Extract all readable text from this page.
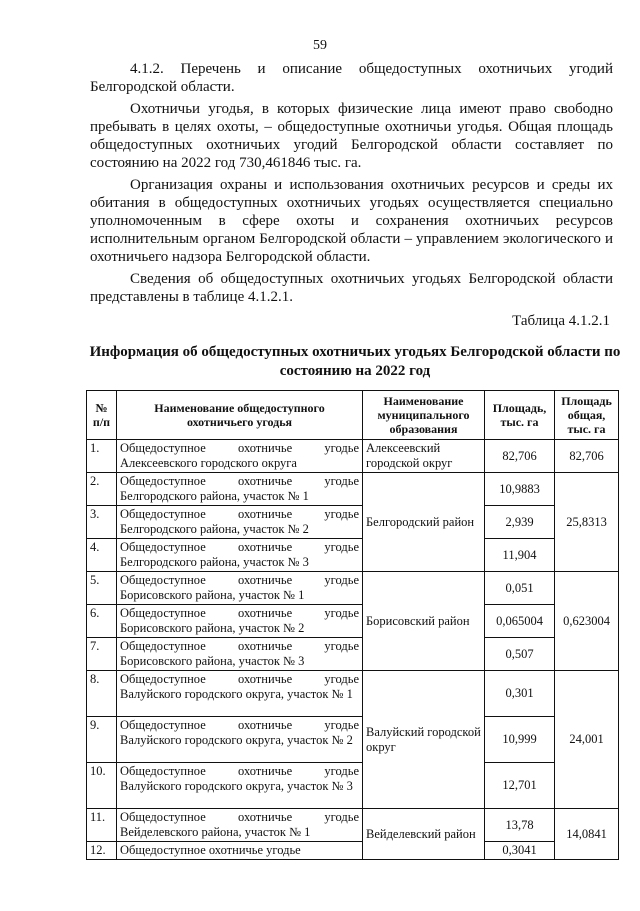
59

4.1.2.  Перечень  и  описание  общедоступных  охотничьих  угодий Белгородской области.

Охотничьи угодья, в которых физические лица имеют право свободно пребывать в целях охоты, – общедоступные охотничьи угодья. Общая площадь общедоступных охотничьих угодий Белгородской области составляет по состоянию на 2022 год 730,461846 тыс. га.

Организация охраны и использования охотничьих ресурсов и среды их обитания в общедоступных охотничьих угодьях осуществляется специально уполномоченным в сфере охоты и сохранения охотничьих ресурсов исполнительным органом Белгородской области – управлением экологического и охотничьего надзора Белгородской области.

Сведения об общедоступных охотничьих угодьях Белгородской области представлены в таблице 4.1.2.1.

Таблица 4.1.2.1
Информация об общедоступных охотничьих угодьях Белгородской области по состоянию на 2022 год
№ п/п	Наименование общедоступного охотничьего угодья	Наименование муниципального образования	Площадь, тыс. га	Площадь общая, тыс. га
1.	Общедоступное охотничье угодье Алексеевского городского округа	Алексеевский городской округ	82,706	82,706
2.	Общедоступное охотничье угодье Белгородского района, участок № 1	Белгородский район	10,9883	25,8313
3.	Общедоступное охотничье угодье Белгородского района, участок № 2		2,939	
4.	Общедоступное охотничье угодье Белгородского района, участок № 3		11,904	
5.	Общедоступное охотничье угодье Борисовского района, участок № 1	Борисовский район	0,051	0,623004
6.	Общедоступное охотничье угодье Борисовского района, участок № 2		0,065004	
7.	Общедоступное охотничье угодье Борисовского района, участок № 3		0,507	
8.	Общедоступное охотничье угодье Валуйского городского округа, участок № 1	Валуйский городской округ	0,301	24,001
9.	Общедоступное охотничье угодье Валуйского городского округа, участок № 2		10,999	
10.	Общедоступное охотничье угодье Валуйского городского округа, участок № 3		12,701	
11.	Общедоступное охотничье угодье Вейделевского района, участок № 1	Вейделевский район	13,78	14,0841
12.	Общедоступное охотничье угодье		0,3041	
